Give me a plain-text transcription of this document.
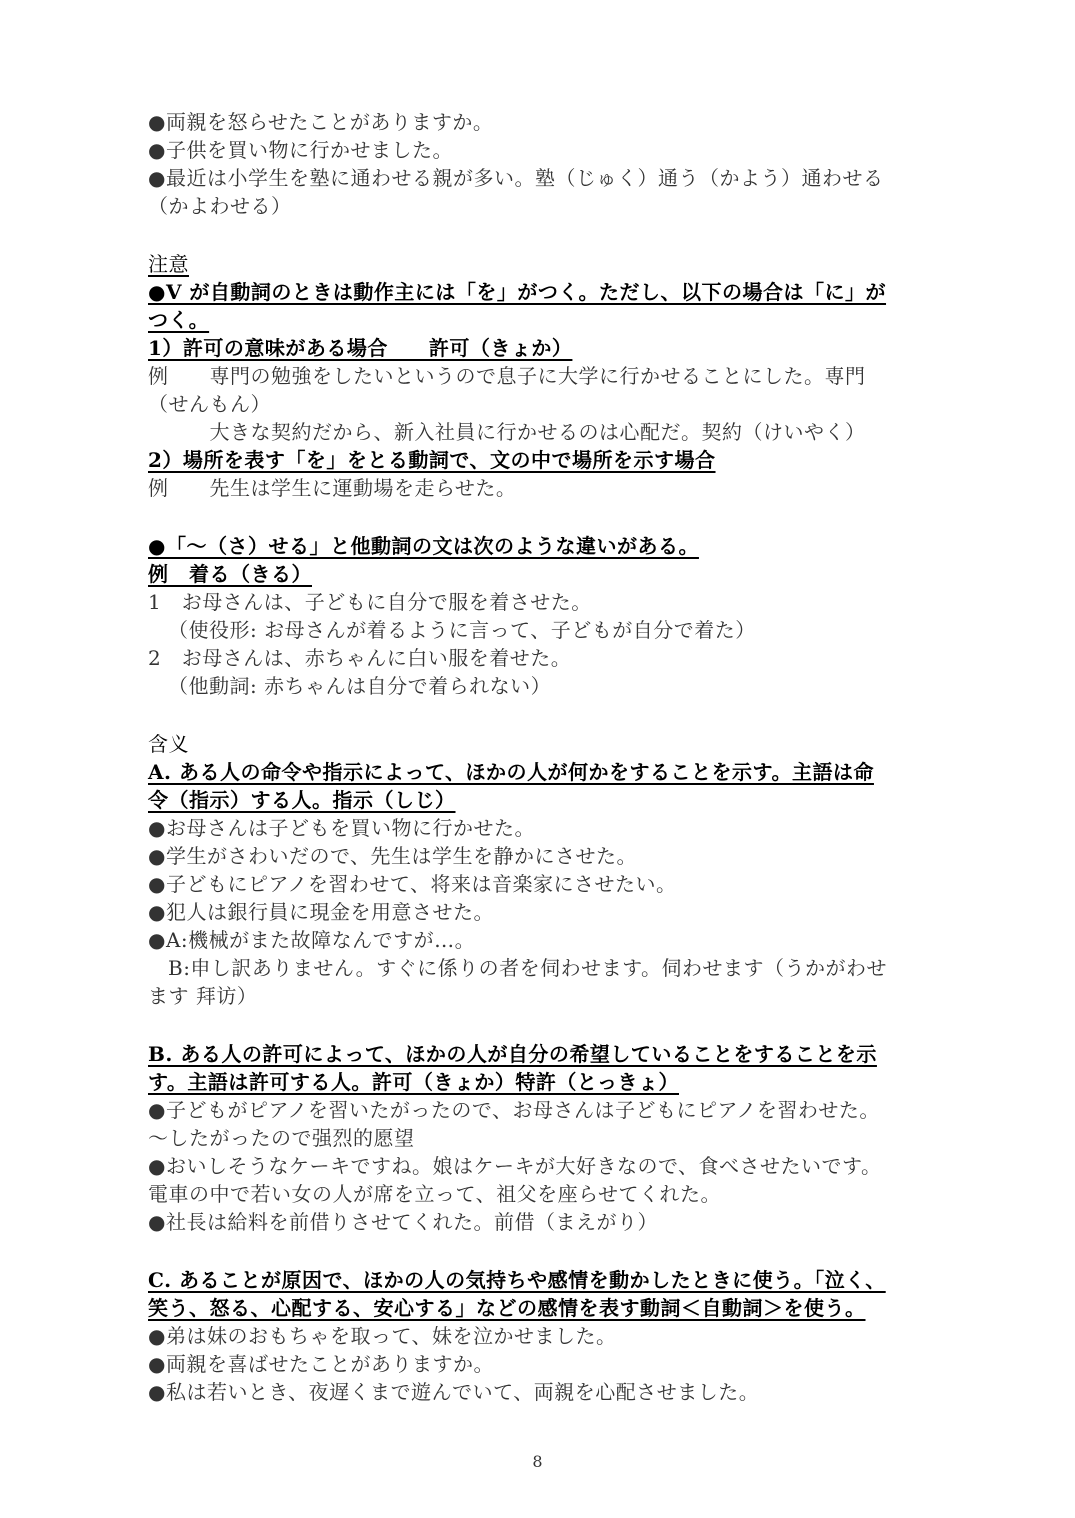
●両親を怒らせたことがありますか。
●子供を買い物に行かせました。
●最近は小学生を塾に通わせる親が多い。塾（じゅく）通う（かよう）通わせる
（かよわせる）
注意
●V が自動詞のときは動作主には「を」がつく。ただし、以下の場合は「に」が
つく。
1）許可の意味がある場合　　許可（きょか）
例　　専門の勉強をしたいというので息子に大学に行かせることにした。専門
（せんもん）
　　　大きな契約だから、新入社員に行かせるのは心配だ。契約（けいやく）
2）場所を表す「を」をとる動詞で、文の中で場所を示す場合
例　　先生は学生に運動場を走らせた。
●「～（さ）せる」と他動詞の文は次のような違いがある。
例　着る（きる）
1　お母さんは、子どもに自分で服を着させた。
（使役形: お母さんが着るように言って、子どもが自分で着た）
2　お母さんは、赤ちゃんに白い服を着せた。
（他動詞: 赤ちゃんは自分で着られない）
含义
A. ある人の命令や指示によって、ほかの人が何かをすることを示す。主語は命
令（指示）する人。指示（しじ）
●お母さんは子どもを買い物に行かせた。
●学生がさわいだので、先生は学生を静かにさせた。
●子どもにピアノを習わせて、将来は音楽家にさせたい。
●犯人は銀行員に現金を用意させた。
●A:機械がまた故障なんですが…。
B:申し訳ありません。すぐに係りの者を伺わせます。伺わせます（うかがわせ
ます 拜访）
B. ある人の許可によって、ほかの人が自分の希望していることをすることを示
す。主語は許可する人。許可（きょか）特許（とっきょ）
●子どもがピアノを習いたがったので、お母さんは子どもにピアノを習わせた。
～したがったので强烈的愿望
●おいしそうなケーキですね。娘はケーキが大好きなので、食べさせたいです。
電車の中で若い女の人が席を立って、祖父を座らせてくれた。
●社長は給料を前借りさせてくれた。前借（まえがり）
C. あることが原因で、ほかの人の気持ちや感情を動かしたときに使う。「泣く、
笑う、怒る、心配する、安心する」などの感情を表す動詞＜自動詞＞を使う。
●弟は妹のおもちゃを取って、妹を泣かせました。
●両親を喜ばせたことがありますか。
●私は若いとき、夜遅くまで遊んでいて、両親を心配させました。
8
